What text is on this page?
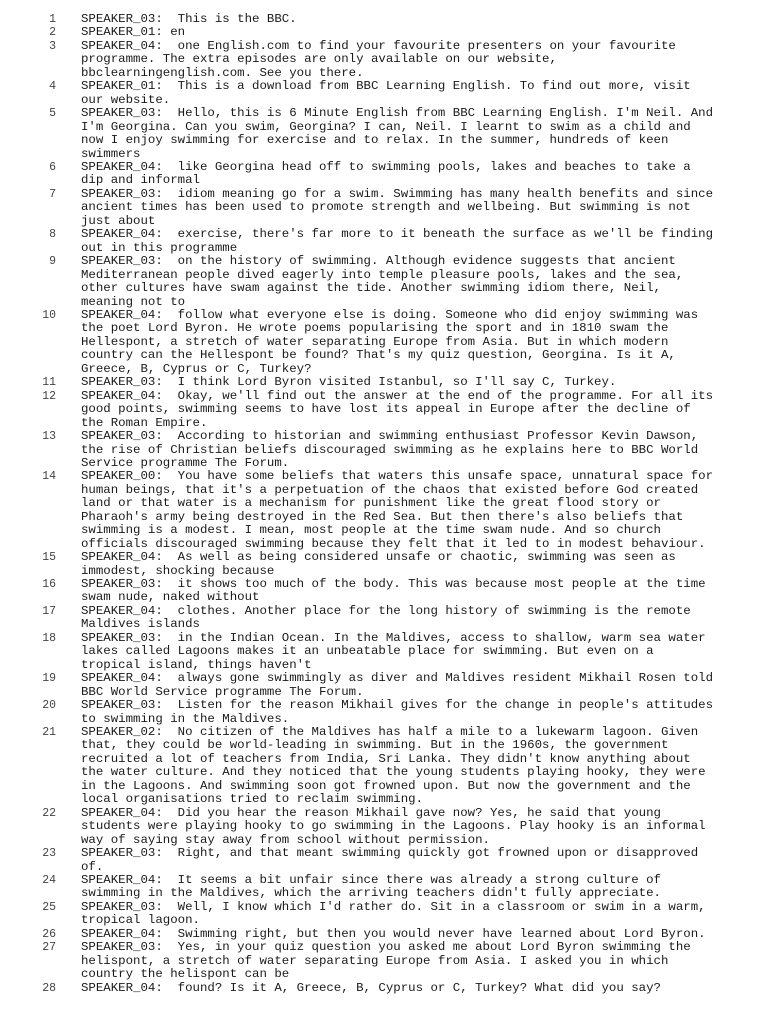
1	SPEAKER_03:  This is the BBC.
2	SPEAKER_01: en
3	SPEAKER_04:  one English.com to find your favourite presenters on your favourite
programme. The extra episodes are only available on our website,
bbclearningenglish.com. See you there.
4	SPEAKER_01:  This is a download from BBC Learning English. To find out more, visit
our website.
5	SPEAKER_03:  Hello, this is 6 Minute English from BBC Learning English. I'm Neil. And
I'm Georgina. Can you swim, Georgina? I can, Neil. I learnt to swim as a child and
now I enjoy swimming for exercise and to relax. In the summer, hundreds of keen
swimmers
6	SPEAKER_04:  like Georgina head off to swimming pools, lakes and beaches to take a
dip and informal
7	SPEAKER_03:  idiom meaning go for a swim. Swimming has many health benefits and since
ancient times has been used to promote strength and wellbeing. But swimming is not
just about
8	SPEAKER_04:  exercise, there's far more to it beneath the surface as we'll be finding
out in this programme
9	SPEAKER_03:  on the history of swimming. Although evidence suggests that ancient
Mediterranean people dived eagerly into temple pleasure pools, lakes and the sea,
other cultures have swam against the tide. Another swimming idiom there, Neil,
meaning not to
10	SPEAKER_04:  follow what everyone else is doing. Someone who did enjoy swimming was
the poet Lord Byron. He wrote poems popularising the sport and in 1810 swam the
Hellespont, a stretch of water separating Europe from Asia. But in which modern
country can the Hellespont be found? That's my quiz question, Georgina. Is it A,
Greece, B, Cyprus or C, Turkey?
11	SPEAKER_03:  I think Lord Byron visited Istanbul, so I'll say C, Turkey.
12	SPEAKER_04:  Okay, we'll find out the answer at the end of the programme. For all its
good points, swimming seems to have lost its appeal in Europe after the decline of
the Roman Empire.
13	SPEAKER_03:  According to historian and swimming enthusiast Professor Kevin Dawson,
the rise of Christian beliefs discouraged swimming as he explains here to BBC World
Service programme The Forum.
14	SPEAKER_00:  You have some beliefs that waters this unsafe space, unnatural space for
human beings, that it's a perpetuation of the chaos that existed before God created
land or that water is a mechanism for punishment like the great flood story or
Pharaoh's army being destroyed in the Red Sea. But then there's also beliefs that
swimming is a modest. I mean, most people at the time swam nude. And so church
officials discouraged swimming because they felt that it led to in modest behaviour.
15	SPEAKER_04:  As well as being considered unsafe or chaotic, swimming was seen as
immodest, shocking because
16	SPEAKER_03:  it shows too much of the body. This was because most people at the time
swam nude, naked without
17	SPEAKER_04:  clothes. Another place for the long history of swimming is the remote
Maldives islands
18	SPEAKER_03:  in the Indian Ocean. In the Maldives, access to shallow, warm sea water
lakes called Lagoons makes it an unbeatable place for swimming. But even on a
tropical island, things haven't
19	SPEAKER_04:  always gone swimmingly as diver and Maldives resident Mikhail Rosen told
BBC World Service programme The Forum.
20	SPEAKER_03:  Listen for the reason Mikhail gives for the change in people's attitudes
to swimming in the Maldives.
21	SPEAKER_02:  No citizen of the Maldives has half a mile to a lukewarm lagoon. Given
that, they could be world-leading in swimming. But in the 1960s, the government
recruited a lot of teachers from India, Sri Lanka. They didn't know anything about
the water culture. And they noticed that the young students playing hooky, they were
in the Lagoons. And swimming soon got frowned upon. But now the government and the
local organisations tried to reclaim swimming.
22	SPEAKER_04:  Did you hear the reason Mikhail gave now? Yes, he said that young
students were playing hooky to go swimming in the Lagoons. Play hooky is an informal
way of saying stay away from school without permission.
23	SPEAKER_03:  Right, and that meant swimming quickly got frowned upon or disapproved
of.
24	SPEAKER_04:  It seems a bit unfair since there was already a strong culture of
swimming in the Maldives, which the arriving teachers didn't fully appreciate.
25	SPEAKER_03:  Well, I know which I'd rather do. Sit in a classroom or swim in a warm,
tropical lagoon.
26	SPEAKER_04:  Swimming right, but then you would never have learned about Lord Byron.
27	SPEAKER_03:  Yes, in your quiz question you asked me about Lord Byron swimming the
helispont, a stretch of water separating Europe from Asia. I asked you in which
country the helispont can be
28	SPEAKER_04:  found? Is it A, Greece, B, Cyprus or C, Turkey? What did you say?
